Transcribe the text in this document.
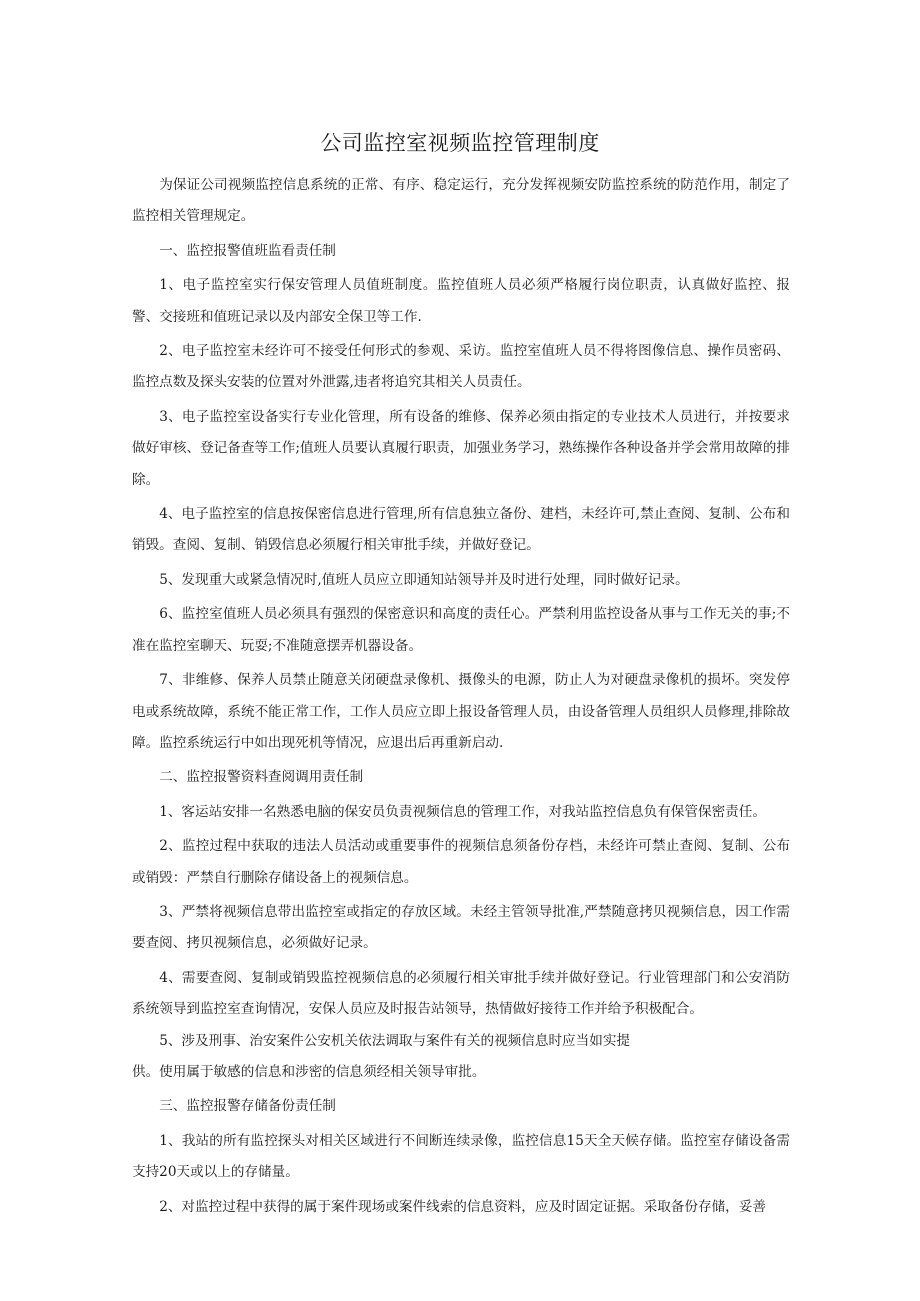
公司监控室视频监控管理制度

为保证公司视频监控信息系统的正常、有序、稳定运行，充分发挥视频安防监控系统的防范作用，制定了监控相关管理规定。

一、监控报警值班监看责任制

1、电子监控室实行保安管理人员值班制度。监控值班人员必须严格履行岗位职责，认真做好监控、报警、交接班和值班记录以及内部安全保卫等工作.

2、电子监控室未经许可不接受任何形式的参观、采访。监控室值班人员不得将图像信息、操作员密码、监控点数及探头安装的位置对外泄露,违者将追究其相关人员责任。

3、电子监控室设备实行专业化管理，所有设备的维修、保养必须由指定的专业技术人员进行，并按要求做好审核、登记备查等工作;值班人员要认真履行职责，加强业务学习，熟练操作各种设备并学会常用故障的排除。

4、电子监控室的信息按保密信息进行管理,所有信息独立备份、建档，未经许可,禁止查阅、复制、公布和销毁。查阅、复制、销毁信息必须履行相关审批手续，并做好登记。

5、发现重大或紧急情况时,值班人员应立即通知站领导并及时进行处理，同时做好记录。

6、监控室值班人员必须具有强烈的保密意识和高度的责任心。严禁利用监控设备从事与工作无关的事;不准在监控室聊天、玩耍;不准随意摆弄机器设备。

7、非维修、保养人员禁止随意关闭硬盘录像机、摄像头的电源，防止人为对硬盘录像机的损坏。突发停电或系统故障，系统不能正常工作，工作人员应立即上报设备管理人员，由设备管理人员组织人员修理,排除故障。监控系统运行中如出现死机等情况，应退出后再重新启动.

二、监控报警资料查阅调用责任制

1、客运站安排一名熟悉电脑的保安员负责视频信息的管理工作，对我站监控信息负有保管保密责任。

2、监控过程中获取的违法人员活动或重要事件的视频信息须备份存档，未经许可禁止查阅、复制、公布或销毁：严禁自行删除存储设备上的视频信息。

3、严禁将视频信息带出监控室或指定的存放区域。未经主管领导批准,严禁随意拷贝视频信息，因工作需要查阅、拷贝视频信息，必须做好记录。

4、需要查阅、复制或销毁监控视频信息的必须履行相关审批手续并做好登记。行业管理部门和公安消防系统领导到监控室查询情况，安保人员应及时报告站领导，热情做好接待工作并给予积极配合。

5、涉及刑事、治安案件公安机关依法调取与案件有关的视频信息时应当如实提

供。使用属于敏感的信息和涉密的信息须经相关领导审批。

三、监控报警存储备份责任制

1、我站的所有监控探头对相关区域进行不间断连续录像，监控信息15天全天候存储。监控室存储设备需支持20天或以上的存储量。

2、对监控过程中获得的属于案件现场或案件线索的信息资料，应及时固定证据。采取备份存储，妥善
